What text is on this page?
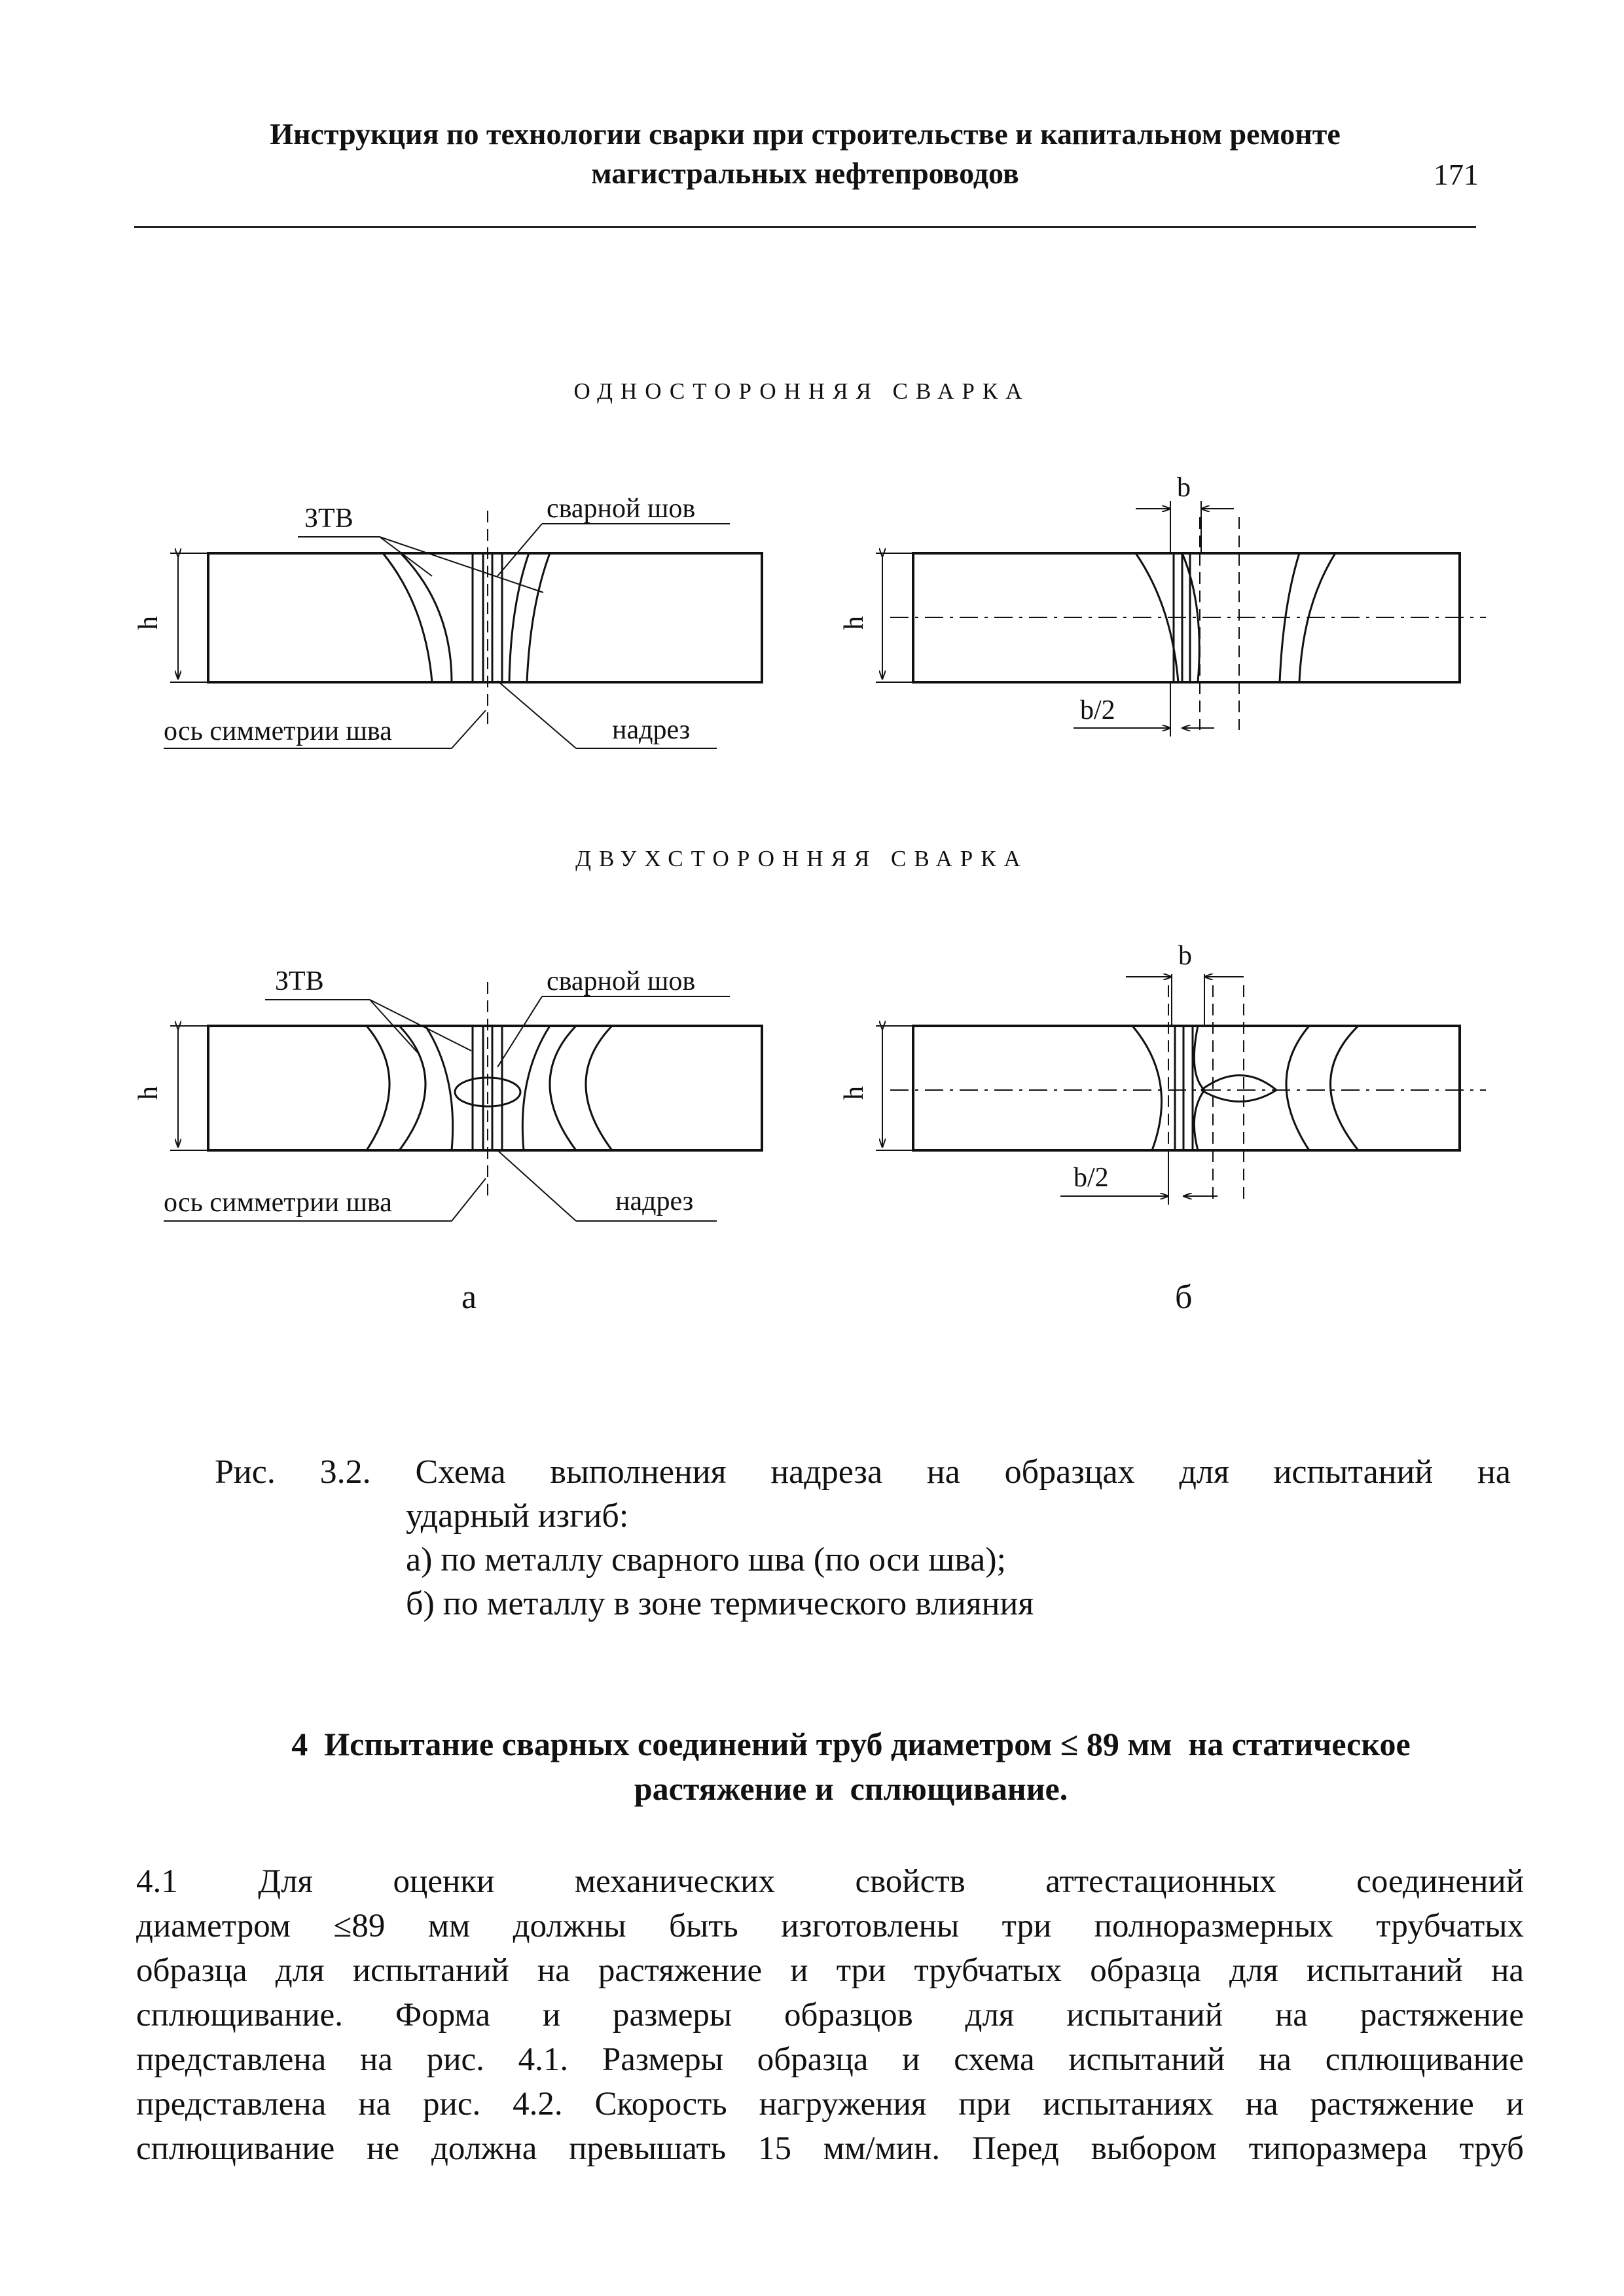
Инструкция по технологии сварки при строительстве и капитальном ремонте
магистральных нефтепроводов	171
ОДНОСТОРОННЯЯ СВАРКА
ДВУХСТОРОННЯЯ СВАРКА
ЗТВ	сварной шов
h
ось симметрии шва	надрез
b
h
b/2
ЗТВ	сварной шов
h
ось симметрии шва	надрез
b
h
b/2
а	б
Рис. 3.2. Схема выполнения надреза на образцах для испытаний на
ударный изгиб:
а) по металлу сварного шва (по оси шва);
б) по металлу в зоне термического влияния
4  Испытание сварных соединений труб диаметром ≤ 89 мм  на статическое
растяжение и  сплющивание.
4.1 Для оценки механических свойств аттестационных соединений
диаметром ≤89 мм должны быть изготовлены три полноразмерных трубчатых
образца для испытаний на растяжение и три трубчатых образца для испытаний на
сплющивание. Форма и размеры образцов для испытаний на растяжение
представлена на рис. 4.1. Размеры образца и схема испытаний на сплющивание
представлена на рис. 4.2. Скорость нагружения при испытаниях на растяжение и
сплющивание не должна превышать 15 мм/мин. Перед выбором типоразмера труб
